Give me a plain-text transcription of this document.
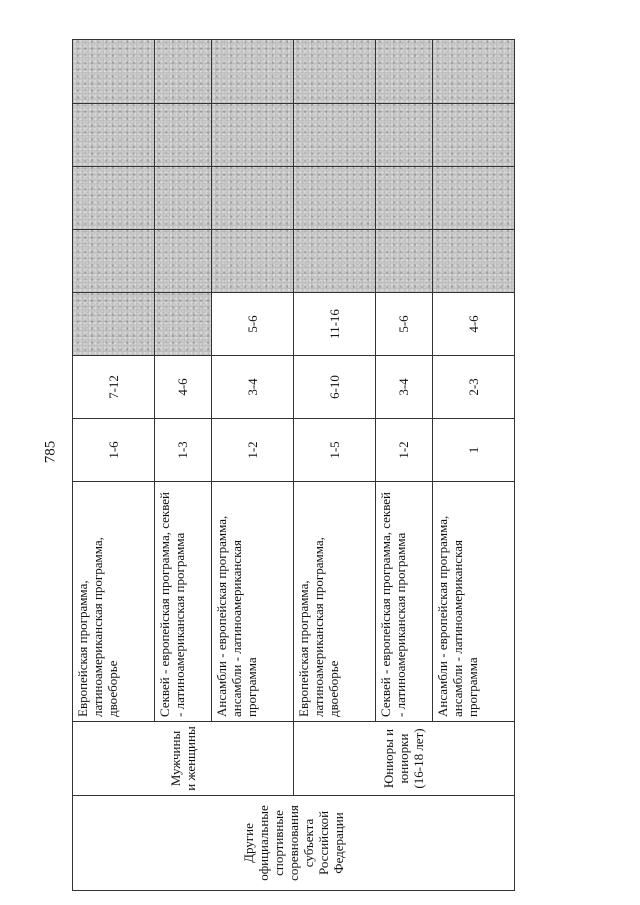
785
Другие официальные спортивные соревнования субъекта Российской Федерации	Мужчины и женщины	Европейская программа, латиноамериканская программа, двоеборье	1-6	7-12					
		Секвей - европейская программа, секвей - латиноамериканская программа	1-3	4-6					
		Ансамбли - европейская программа, ансамбли - латиноамериканская программа	1-2	3-4	5-6				
	Юниоры и юниорки (16-18 лет)	Европейская программа, латиноамериканская программа, двоеборье	1-5	6-10	11-16				
		Секвей - европейская программа, секвей - латиноамериканская программа	1-2	3-4	5-6				
		Ансамбли - европейская программа, ансамбли - латиноамериканская программа	1	2-3	4-6				
